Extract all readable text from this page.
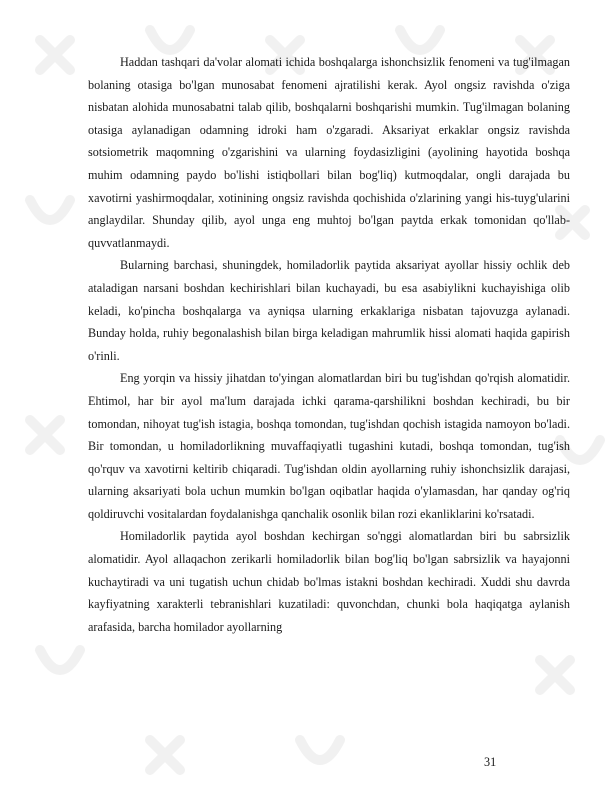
Haddan tashqari da'volar alomati ichida boshqalarga ishonchsizlik fenomeni va tug'ilmagan bolaning otasiga bo'lgan munosabat fenomeni ajratilishi kerak. Ayol ongsiz ravishda o'ziga nisbatan alohida munosabatni talab qilib, boshqalarni boshqarishi mumkin. Tug'ilmagan bolaning otasiga aylanadigan odamning idroki ham o'zgaradi. Aksariyat erkaklar ongsiz ravishda sotsiometrik maqomning o'zgarishini va ularning foydasizligini (ayolining hayotida boshqa muhim odamning paydo bo'lishi istiqbollari bilan bog'liq) kutmoqdalar, ongli darajada bu xavotirni yashirmoqdalar, xotinining ongsiz ravishda qochishida o'zlarining yangi his-tuyg'ularini anglaydilar. Shunday qilib, ayol unga eng muhtoj bo'lgan paytda erkak tomonidan qo'llab-quvvatlanmaydi.

Bularning barchasi, shuningdek, homiladorlik paytida aksariyat ayollar hissiy ochlik deb ataladigan narsani boshdan kechirishlari bilan kuchayadi, bu esa asabiylikni kuchayishiga olib keladi, ko'pincha boshqalarga va ayniqsa ularning erkaklariga nisbatan tajovuzga aylanadi. Bunday holda, ruhiy begonalashish bilan birga keladigan mahrumlik hissi alomati haqida gapirish o'rinli.

Eng yorqin va hissiy jihatdan to'yingan alomatlardan biri bu tug'ishdan qo'rqish alomatidir. Ehtimol, har bir ayol ma'lum darajada ichki qarama-qarshilikni boshdan kechiradi, bu bir tomondan, nihoyat tug'ish istagia, boshqa tomondan, tug'ishdan qochish istagida namoyon bo'ladi. Bir tomondan, u homiladorlikning muvaffaqiyatli tugashini kutadi, boshqa tomondan, tug'ish qo'rquv va xavotirni keltirib chiqaradi. Tug'ishdan oldin ayollarning ruhiy ishonchsizlik darajasi, ularning aksariyati bola uchun mumkin bo'lgan oqibatlar haqida o'ylamasdan, har qanday og'riq qoldiruvchi vositalardan foydalanishga qanchalik osonlik bilan rozi ekanliklarini ko'rsatadi.

Homiladorlik paytida ayol boshdan kechirgan so'nggi alomatlardan biri bu sabrsizlik alomatidir. Ayol allaqachon zerikarli homiladorlik bilan bog'liq bo'lgan sabrsizlik va hayajonni kuchaytiradi va uni tugatish uchun chidab bo'lmas istakni boshdan kechiradi. Xuddi shu davrda kayfiyatning xarakterli tebranishlari kuzatiladi: quvonchdan, chunki bola haqiqatga aylanish arafasida, barcha homilador ayollarning

31
